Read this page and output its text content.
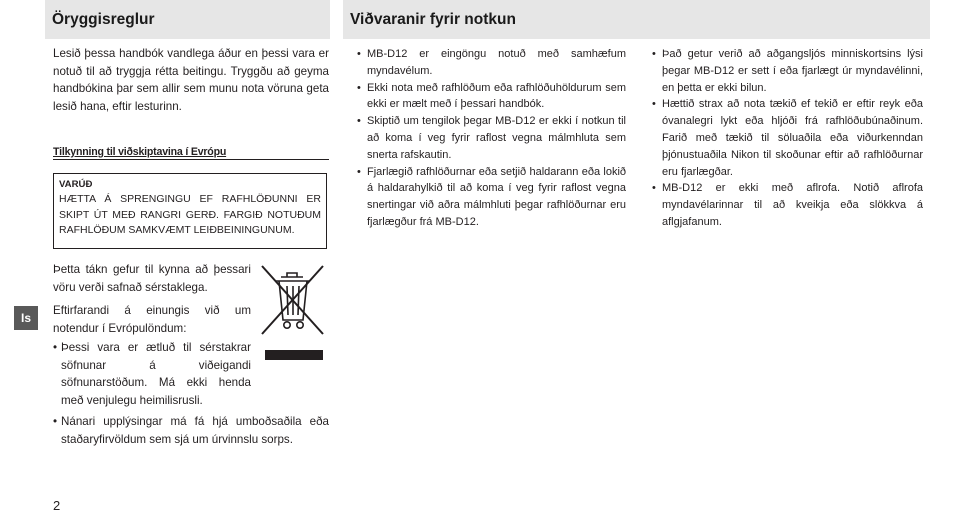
Öryggisreglur	Viðvaranir fyrir notkun

Lesið þessa handbók vandlega áður en þessi vara er notuð til að tryggja rétta beitingu. Tryggðu að geyma handbókina þar sem allir sem munu nota vöruna geta lesið hana, eftir lesturinn.

Tilkynning til viðskiptavina í Evrópu
VARÚÐ
HÆTTA Á SPRENGINGU EF RAFHLÖÐUNNI ER SKIPT ÚT MEÐ RANGRI GERÐ. FARGIÐ NOTUÐUM RAFHLÖÐUM SAMKVÆMT LEIÐBEININGUNUM.

Þetta tákn gefur til kynna að þessari vöru verði safnað sérstaklega.

Eftirfarandi á einungis við um notendur í Evrópulöndum:

• Þessi vara er ætluð til sérstakrar söfnunar á viðeigandi söfnunarstöðum. Má ekki henda með venjulegu heimilisrusli.
• Nánari upplýsingar má fá hjá umboðsaðila eða staðaryfirvöldum sem sjá um úrvinnslu sorps.
Is
• MB-D12 er eingöngu notuð með samhæfum myndavélum.
• Ekki nota með rafhlöðum eða rafhlöðuhöldurum sem ekki er mælt með í þessari handbók.
• Skiptið um tengilok þegar MB-D12 er ekki í notkun til að koma í veg fyrir raflost vegna málmhluta sem snerta rafskautin.
• Fjarlægið rafhlöðurnar eða setjið haldarann eða lokið á haldarahylkið til að koma í veg fyrir raflost vegna snertingar við aðra málmhluti þegar rafhlöðurnar eru fjarlægður frá MB-D12.
• Það getur verið að aðgangsljós minniskortsins lýsi þegar MB-D12 er sett í eða fjarlægt úr myndavélinni, en þetta er ekki bilun.
• Hættið strax að nota tækið ef tekið er eftir reyk eða óvanalegri lykt eða hljóði frá rafhlöðubúnaðinum. Farið með tækið til söluaðila eða viðurkenndan þjónustuaðila Nikon til skoðunar eftir að rafhlöðurnar eru fjarlægðar.
• MB-D12 er ekki með aflrofa. Notið aflrofa myndavélarinnar til að kveikja eða slökkva á aflgjafanum.
2
